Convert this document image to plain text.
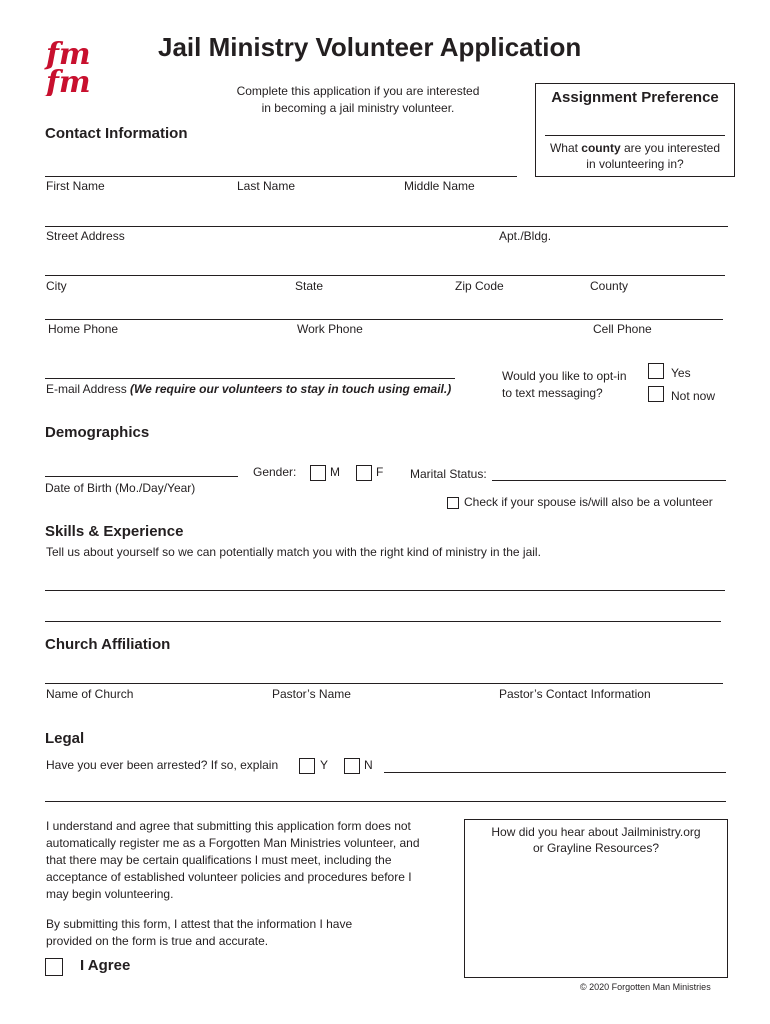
fm
fm
Jail Ministry Volunteer Application
Complete this application if you are interested
in becoming a jail ministry volunteer.
Assignment Preference
What county are you interested
in volunteering in?
Contact Information
First Name	Last Name	Middle Name
Street Address	Apt./Bldg.
City	State	Zip Code	County
Home Phone	Work Phone	Cell Phone
E-mail Address (We require our volunteers to stay in touch using email.)
Would you like to opt-in
to text messaging?
Yes
Not now
Demographics
Date of Birth (Mo./Day/Year)
Gender:	M	F Marital Status:
Check if your spouse is/will also be a volunteer
Skills & Experience
Tell us about yourself so we can potentially match you with the right kind of ministry in the jail.
Church Affiliation
Name of Church	Pastor’s Name	Pastor’s Contact Information
Legal
Have you ever been arrested? If so, explain	Y	N
I understand and agree that submitting this application form does not
automatically register me as a Forgotten Man Ministries volunteer, and
that there may be certain qualifications I must meet, including the
acceptance of established volunteer policies and procedures before I
may begin volunteering.
By submitting this form, I attest that the information I have
provided on the form is true and accurate.
I Agree
How did you hear about Jailministry.org
or Grayline Resources?
© 2020 Forgotten Man Ministries
